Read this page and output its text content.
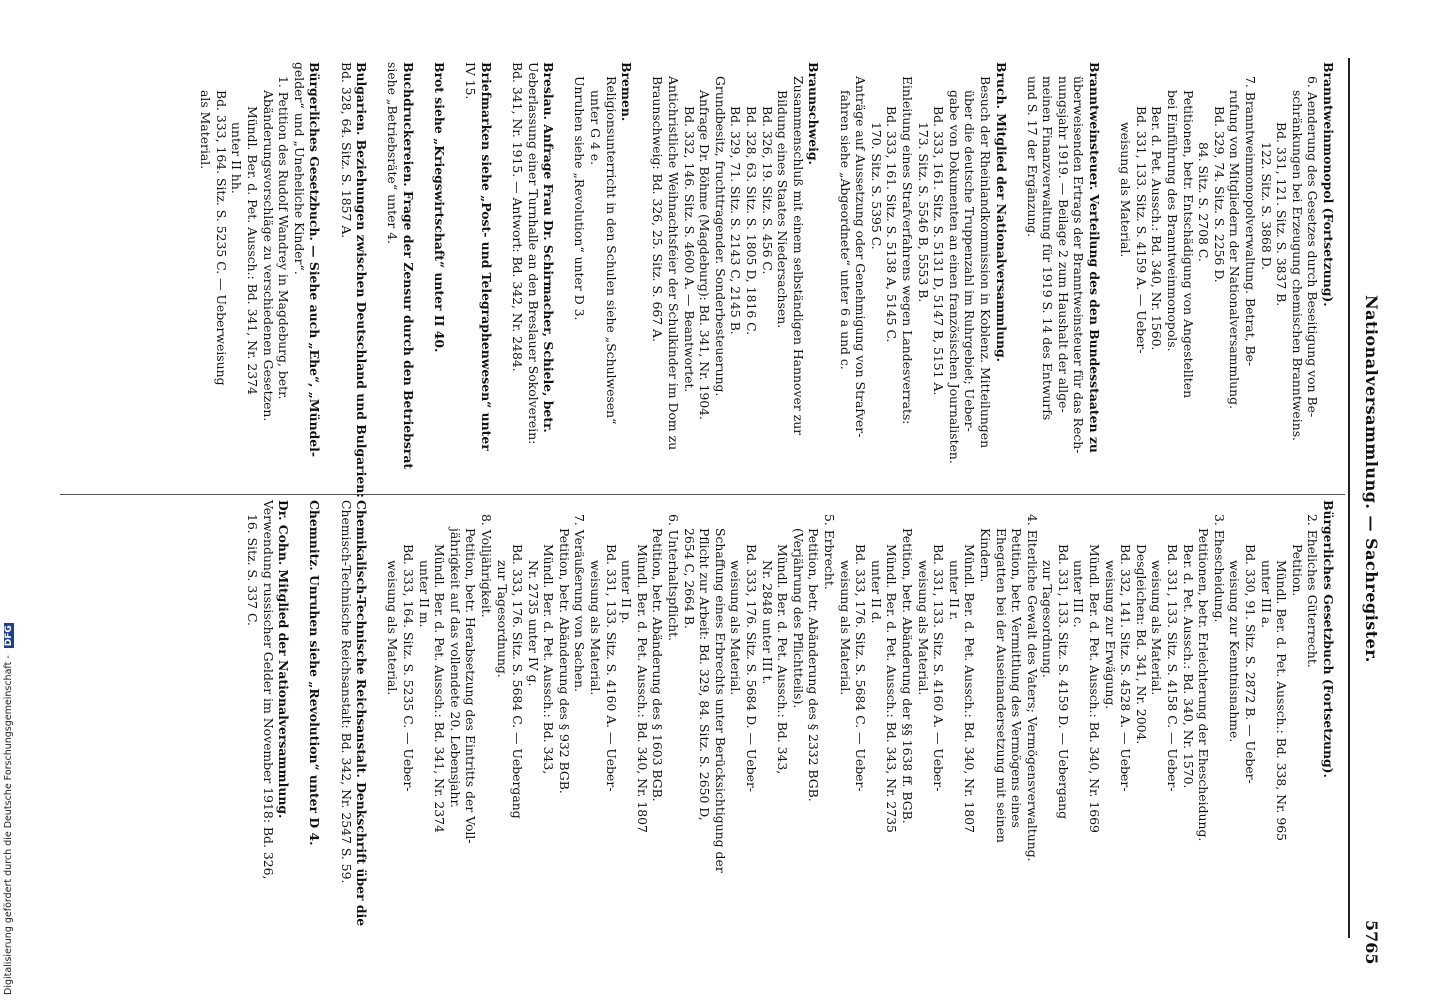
Nationalversammlung. — Sachregister.
5765
Branntweinmonopol (Fortsetzung).
6. Aenderung des Gesetzes durch Beseitigung von Be-
schränkungen bei Erzeugung chemischen Branntweins.
Bd. 331, 121. Sitz. S. 3837 B.
122. Sitz. S. 3868 D.
7. Branntweinmonopolverwaltung. Betrat, Be-
rufung von Mitgliedern der Nationalversammlung.
Bd. 329, 74. Sitz. S. 2256 D.
84. Sitz. S. 2708 C.
Petitionen, betr. Entschädigung von Angestellten
bei Einführung des Branntweinmonopols.
Ber. d. Pet. Aussch.: Bd. 340, Nr. 1560.
Bd. 331, 133. Sitz. S. 4159 A. — Ueber-
weisung als Material.
Branntweinsteuer. Verteilung des den Bundesstaaten zu
überweisenden Ertrags der Branntweinsteuer für das Rech-
nungsjahr 1919. — Beilage 2 zum Haushalt der allge-
meinen Finanzverwaltung für 1919 S. 14 des Entwurfs
und S. 17 der Ergänzung.
Bruch. Mitglied der Nationalversammlung.
Besuch der Rheinlandkommission in Koblenz. Mitteilungen
über die deutsche Truppenzahl im Ruhrgebiet; Ueber-
gabe von Dokumenten an einen französischen Journalisten.
Bd. 333, 161. Sitz. S. 5131 D, 5147 B, 5151 A.
173. Sitz. S. 5546 B, 5553 B.
Einleitung eines Strafverfahrens wegen Landesverrats:
Bd. 333, 161. Sitz. S. 5138 A, 5145 C.
170. Sitz. S. 5395 C.
Anträge auf Aussetzung oder Genehmigung von Strafver-
fahren siehe „Abgeordnete“ unter 6 a und c.
Braunschweig.
Zusammenschluß mit einem selbständigen Hannover zur
Bildung eines Staates Niedersachsen.
Bd. 326, 19. Sitz. S. 456 C.
Bd. 328, 63. Sitz. S. 1805 D, 1816 C.
Bd. 329, 71. Sitz. S. 2143 C, 2145 B.
Grundbesitz, fruchttragender. Sonderbesteuerung.
Anfrage Dr. Böhme (Magdeburg): Bd. 341, Nr. 1904.
Bd. 332, 146. Sitz. S. 4600 A. — Beantwortet.
Antichristliche Weihnachtsfeier der Schulkinder im Dom zu
Braunschweig: Bd. 326, 25. Sitz. S. 667 A.
Bremen.
Religionsunterricht in den Schulen siehe „Schulwesen“
unter G 4 e.
Unruhen siehe „Revolution“ unter D 3.
Breslau. Anfrage Frau Dr. Schirmacher, Schiele, betr.
Ueberlassung einer Turnhalle an den Breslauer Sokolverein:
Bd. 341, Nr. 1915. — Antwort: Bd. 342, Nr. 2484.
Briefmarken siehe „Post- und Telegraphenwesen“ unter
IV 15.
Brot siehe „Kriegswirtschaft“ unter II 40.
Buchdruckereien. Frage der Zensur durch den Betriebsrat
siehe „Betriebsräte“ unter 4.
Bulgarien. Beziehungen zwischen Deutschland und Bulgarien:
Bd. 328, 64. Sitz. S. 1857 A.
Bürgerliches Gesetzbuch. — Siehe auch „Ehe“, „Mündel-
gelder“ und „Uneheliche Kinder“.
1. Petition des Rudolf Wandrey in Magdeburg, betr.
Abänderungsvorschläge zu verschiedenen Gesetzen.
Mündl. Ber. d. Pet. Aussch.: Bd. 341, Nr. 2374
unter II hh.
Bd. 333, 164. Sitz. S. 5235 C. — Ueberweisung
als Material.
Bürgerliches Gesetzbuch (Fortsetzung).
2. Eheliches Güterrecht.
Petition.
Mündl. Ber. d. Pet. Aussch.: Bd. 338, Nr. 965
unter III a.
Bd. 330, 91. Sitz. S. 2872 B. — Ueber-
weisung zur Kenntnisnahme.
3. Ehescheidung.
Petitionen, betr. Erleichterung der Ehescheidung.
Ber. d. Pet. Aussch.: Bd. 340, Nr. 1570.
Bd. 331, 133. Sitz. S. 4158 C. — Ueber-
weisung als Material.
Desgleichen: Bd. 341, Nr. 2004.
Bd. 332, 141. Sitz. S. 4528 A. — Ueber-
weisung zur Erwägung.
Mündl. Ber. d. Pet. Aussch.: Bd. 340, Nr. 1669
unter III c.
Bd. 331, 133. Sitz. S. 4159 D. — Uebergang
zur Tagesordnung.
4. Elterliche Gewalt des Vaters; Vermögensverwaltung.
Petition, betr. Vermittlung des Vermögens eines
Ehegatten bei der Auseinandersetzung mit seinen
Kindern.
Mündl. Ber. d. Pet. Aussch.: Bd. 340, Nr. 1807
unter II r.
Bd. 331, 133. Sitz. S. 4160 A. — Ueber-
weisung als Material.
Petition, betr. Abänderung der §§ 1638 ff. BGB.
Mündl. Ber. d. Pet. Aussch.: Bd. 343, Nr. 2735
unter II d.
Bd. 333, 176. Sitz. S. 5684 C. — Ueber-
weisung als Material.
5. Erbrecht.
Petition, betr. Abänderung des § 2332 BGB.
(Verjährung des Pflichtteils).
Mündl. Ber. d. Pet. Aussch.: Bd. 343,
Nr. 2848 unter III t.
Bd. 333, 176. Sitz. S. 5684 D. — Ueber-
weisung als Material.
Schaffung eines Erbrechts unter Berücksichtigung der
Pflicht zur Arbeit: Bd. 329, 84. Sitz. S. 2650 D,
2654 C, 2664 B.
6. Unterhaltspflicht.
Petition, betr. Abänderung des § 1603 BGB.
Mündl. Ber. d. Pet. Aussch.: Bd. 340, Nr. 1807
unter II p.
Bd. 331, 133. Sitz. S. 4160 A. — Ueber-
weisung als Material.
7. Veräußerung von Sachen.
Petition, betr. Abänderung des § 932 BGB.
Mündl. Ber. d. Pet. Aussch.: Bd. 343,
Nr. 2735 unter IV g.
Bd. 333, 176. Sitz. S. 5684 C. — Uebergang
zur Tagesordnung.
8. Volljährigkeit.
Petition, betr. Herabsetzung des Eintritts der Voll-
jährigkeit auf das vollendete 20. Lebensjahr.
Mündl. Ber. d. Pet. Aussch.: Bd. 341, Nr. 2374
unter II m.
Bd. 333, 164. Sitz. S. 5235 C. — Ueber-
weisung als Material.
Chemikalisch-Technische Reichsanstalt. Denkschrift über die
Chemisch-Technische Reichsanstalt: Bd. 342, Nr. 2547 S. 59.
Chemnitz. Unruhen siehe „Revolution“ unter D 4.
Dr. Cohn. Mitglied der Nationalversammlung.
Verwendung russischer Gelder im November 1918: Bd. 326,
16. Sitz. S. 337 C.
Digitalisierung gefördert durch die Deutsche Forschungsgemeinschaft - DFG
